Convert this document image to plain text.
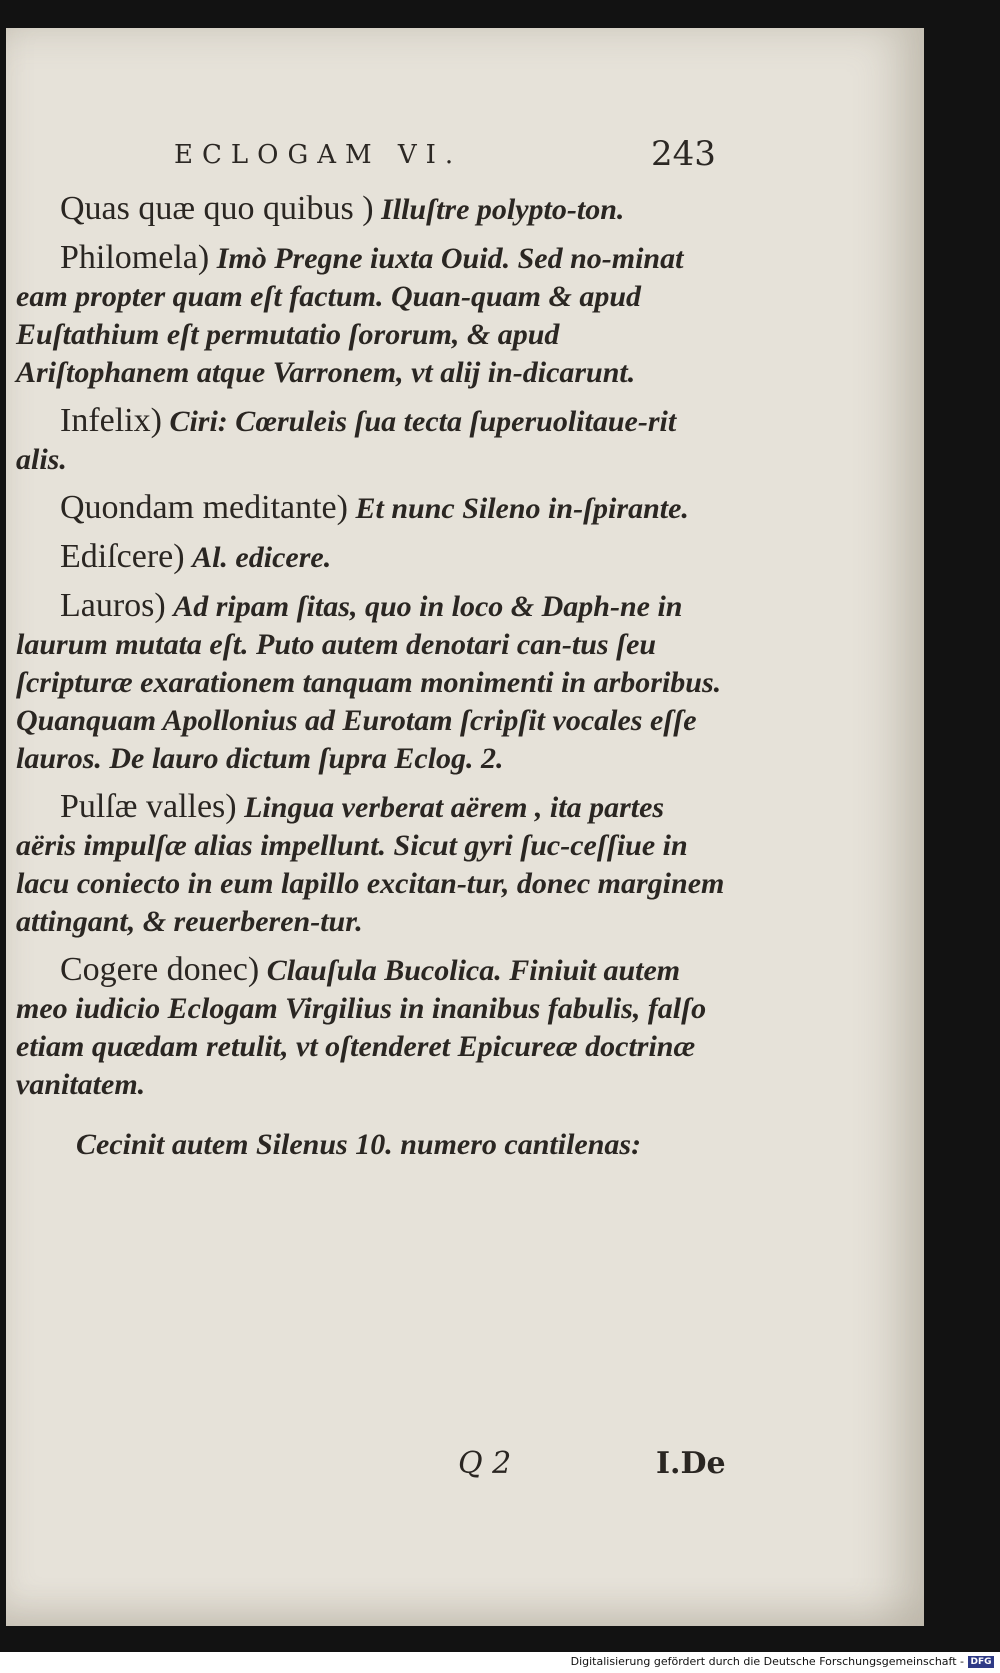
ECLOGAM VI.	243

Quas quæ quo quibus ) Illuſtre polypto-ton.

Philomela) Imò Pregne iuxta Ouid. Sed no-minat eam propter quam eſt factum. Quan-quam & apud Euſtathium eſt permutatio ſororum, & apud Ariſtophanem atque Varronem, vt alij in-dicarunt.

Infelix) Ciri: Cœruleis ſua tecta ſuperuolitaue-rit alis.

Quondam meditante) Et nunc Sileno in-ſpirante.

Ediſcere) Al. edicere.

Lauros) Ad ripam ſitas, quo in loco & Daph-ne in laurum mutata eſt. Puto autem denotari can-tus ſeu ſcripturæ exarationem tanquam monimenti in arboribus. Quanquam Apollonius ad Eurotam ſcripſit vocales eſſe lauros. De lauro dictum ſupra Eclog. 2.

Pulſæ valles) Lingua verberat aërem , ita partes aëris impulſæ alias impellunt. Sicut gyri ſuc-ceſſiue in lacu coniecto in eum lapillo excitan-tur, donec marginem attingant, & reuerberen-tur.

Cogere donec) Clauſula Bucolica. Finiuit autem meo iudicio Eclogam Virgilius in inanibus fabulis, falſo etiam quædam retulit, vt oſtenderet Epicureæ doctrinæ vanitatem.

Cecinit autem Silenus 10. numero cantilenas:

Q 2	I.De
Digitalisierung gefördert durch die Deutsche Forschungsgemeinschaft - DFG
